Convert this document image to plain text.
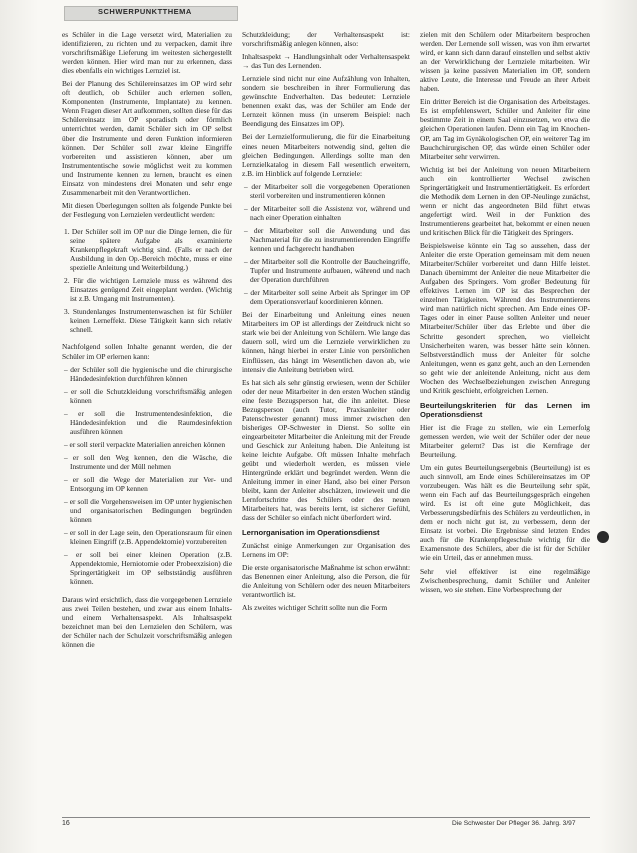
SCHWERPUNKTTHEMA

es Schüler in die Lage versetzt wird, Materialien zu identifizieren, zu richten und zu verpacken, damit ihre vorschriftsmäßige Lieferung im weitesten sichergestellt werden können. Hier wird man nur zu erkennen, dass dies ebenfalls ein wichtiges Lernziel ist.

Bei der Planung des Schülereinsatzes im OP wird sehr oft deutlich, ob Schüler auch erlernen sollen, Komponenten (Instrumente, Implantate) zu kennen. Wenn Fragen dieser Art aufkommen, sollten diese für das Schülereinsatz im OP sporadisch oder förmlich unterrichtet werden, damit Schüler sich im OP selbst über die Instrumente und deren Funktion informieren können. Der Schüler soll zwar kleine Eingriffe vorbereiten und assistieren können, aber um Instrumententische sowie möglichst weit zu kommen und Instrumente kennen zu lernen, braucht es einen Einsatz von mindestens drei Monaten und sehr enge Zusammenarbeit mit den Verantwortlichen.

Mit diesen Überlegungen sollten als folgende Punkte bei der Festlegung von Lernzielen verdeutlicht werden:

1. Der Schüler soll im OP nur die Dinge lernen, die für seine spätere Aufgabe als examinierte Krankenpflegekraft wichtig sind. (Falls er nach der Ausbildung in den Op.-Bereich möchte, muss er eine spezielle Anleitung und Weiterbildung.)

2. Für die wichtigen Lernziele muss es während des Einsatzes genügend Zeit eingeplant werden. (Wichtig ist z.B. Umgang mit Instrumenten).

3. Stundenlanges Instrumentenwaschen ist für Schüler keinen Lerneffekt. Diese Tätigkeit kann sich relativ schnell.

Nachfolgend sollen Inhalte genannt werden, die der Schüler im OP erlernen kann:

– der Schüler soll die hygienische und die chirurgische Händedesinfektion durchführen können

– er soll die Schutzkleidung vorschriftsmäßig anlegen können

– er soll die Instrumentendesinfektion, die Händedesinfektion und die Raumdesinfektion ausführen können

– er soll steril verpackte Materialien anreichen können

– er soll den Weg kennen, den die Wäsche, die Instrumente und der Müll nehmen

– er soll die Wege der Materialien zur Ver- und Entsorgung im OP kennen

– er soll die Vorgehensweisen im OP unter hygienischen und organisatorischen Bedingungen begründen können

– er soll in der Lage sein, den Operationsraum für einen kleinen Eingriff (z.B. Appendektomie) vorzubereiten

– er soll bei einer kleinen Operation (z.B. Appendektomie, Herniotomie oder Probeexzision) die Springertätigkeit im OP selbstständig ausführen können.

Daraus wird ersichtlich, dass die vorgegebenen Lernziele aus zwei Teilen bestehen, und zwar aus einem Inhalts- und einem Verhaltensaspekt. Als Inhaltsaspekt bezeichnet man bei den Lernzielen den Schülern, was der Schüler nach der Schulzeit vorschriftsmäßig anlegen können die

Schutzkleidung; der Verhaltensaspekt ist: vorschriftsmäßig anlegen können, also:

Inhaltsaspekt → Handlungsinhalt oder Verhaltensaspekt → das Tun des Lernenden.

Lernziele sind nicht nur eine Aufzählung von Inhalten, sondern sie beschreiben in ihrer Formulierung das gewünschte Endverhalten. Das bedeutet: Lernziele benennen exakt das, was der Schüler am Ende der Lernzeit können muss (in unserem Beispiel: nach Beendigung des Einsatzes im OP).

Bei der Lernzielformulierung, die für die Einarbeitung eines neuen Mitarbeiters notwendig sind, gelten die gleichen Bedingungen. Allerdings sollte man den Lernzielkatalog in diesem Fall wesentlich erweitern, z.B. im Hinblick auf folgende Lernziele:

– der Mitarbeiter soll die vorgegebenen Operationen steril vorbereiten und instrumentieren können

– der Mitarbeiter soll die Assistenz vor, während und nach einer Operation einhalten

– der Mitarbeiter soll die Anwendung und das Nachmaterial für die zu instrumentierenden Eingriffe kennen und fachgerecht handhaben

– der Mitarbeiter soll die Kontrolle der Baucheingriffe, Tupfer und Instrumente aufbauen, während und nach der Operation durchführen

– der Mitarbeiter soll seine Arbeit als Springer im OP dem Operationsverlauf koordinieren können.

Bei der Einarbeitung und Anleitung eines neuen Mitarbeiters im OP ist allerdings der Zeitdruck nicht so stark wie bei der Anleitung von Schülern. Wie lange das dauern soll, wird um die Lernziele verwirklichen zu können, hängt hierbei in erster Linie von persönlichen Einflüssen, das hängt im Wesentlichen davon ab, wie intensiv die Anleitung betrieben wird.

Es hat sich als sehr günstig erwiesen, wenn der Schüler oder der neue Mitarbeiter in den ersten Wochen ständig eine feste Bezugsperson hat, die ihn anleitet. Diese Bezugsperson (auch Tutor, Praxisanleiter oder Patenschwester genannt) muss immer zwischen den bisheriges OP-Schwester in Dienst. So sollte ein eingearbeiteter Mitarbeiter die Anleitung mit der Freude und Geschick zur Anleitung haben. Die Anleitung ist keine leichte Aufgabe. Oft müssen Inhalte mehrfach geübt und wiederholt werden, es müssen viele Hintergründe erklärt und begründet werden. Wenn die Anleitung immer in einer Hand, also bei einer Person bleibt, kann der Anleiter abschätzen, inwieweit und die Lernfortschritte des Schülers oder des neuen Mitarbeiters hat, was bereits lernt, ist sicherer Gefühl, dass der Schüler so einfach nicht überfordert wird.

Lernorganisation im Operationsdienst

Zunächst einige Anmerkungen zur Organisation des Lernens im OP:

Die erste organisatorische Maßnahme ist schon erwähnt: das Benennen einer Anleitung, also die Person, die für die Anleitung von Schülern oder des neuen Mitarbeiters verantwortlich ist.

Als zweites wichtiger Schritt sollte nun die Form

zielen mit den Schülern oder Mitarbeitern besprochen werden. Der Lernende soll wissen, was von ihm erwartet wird, er kann sich dann darauf einstellen und selbst aktiv an der Verwirklichung der Lernziele mitarbeiten. Wir wissen ja keine passiven Materialien im OP, sondern aktive Leute, die Interesse und Freude an ihrer Arbeit haben.

Ein dritter Bereich ist die Organisation des Arbeitstages. Es ist empfehlenswert, Schüler und Anleiter für eine bestimmte Zeit in einem Saal einzusetzen, wo etwa die gleichen Operationen laufen. Denn ein Tag im Knochen-OP, am Tag im Gynäkologischen OP, ein weiterer Tag im Bauchchirurgischen OP, das würde einen Schüler oder Mitarbeiter sehr verwirren.

Wichtig ist bei der Anleitung von neuen Mitarbeitern auch ein kontrollierter Wechsel zwischen Springertätigkeit und Instrumentiertätigkeit. Es erfordert die Methodik dem Lernen in den OP-Neulinge zunächst, wenn er nicht das angeordneten Bild führt etwas angefertigt wird. Weil in der Funktion des Instrumentierens gearbeitet hat, bekommt er einen neuen und kritischen Blick für die Tätigkeit des Springers.

Beispielsweise könnte ein Tag so aussehen, dass der Anleiter die erste Operation gemeinsam mit dem neuen Mitarbeiter/Schüler vorbereitet und dann Hilfe leistet. Danach übernimmt der Anleiter die neue Mitarbeiter die Aufgaben des Springers. Vom großer Bedeutung für effektives Lernen im OP ist das Besprechen der einzelnen Tätigkeiten. Während des Instrumentierens wird man natürlich nicht sprechen. Am Ende eines OP-Tages oder in einer Pause sollten Anleiter und neuer Mitarbeiter/Schüler über das Erlebte und über die Schritte gesondert sprechen, wo vielleicht Unsicherheiten waren, was besser hätte sein können. Selbstverständlich muss der Anleiter für solche Anleitungen, wenn es ganz geht, auch an den Lernenden so geht wie der anleitende Anleitung, nicht aus dem Wochen des Wechselbeziehungen zwischen Anregung und Kritik geschieht, erfolgreichen Lernen.

Beurteilungskriterien für das Lernen im Operationsdienst

Hier ist die Frage zu stellen, wie ein Lernerfolg gemessen werden, wie weit der Schüler oder der neue Mitarbeiter gelernt? Das ist die Kernfrage der Beurteilung.

Um ein gutes Beurteilungsergebnis (Beurteilung) ist es auch sinnvoll, am Ende eines Schülereinsatzes im OP vorzubeugen. Was hält es die Beurteilung sehr spät, wenn ein Fach auf das Beurteilungsgespräch eingehen wird. Es ist oft eine gute Möglichkeit, das Verbesserungsbedürfnis des Schülers zu verdeutlichen, in dem er noch nicht gut ist, zu verbessern, denn der Einsatz ist vorbei. Die Ergebnisse sind letzten Endes auch für die Krankenpflegeschule wichtig für die Examensnote des Schülers, aber die ist für der Schüler wie ein Urteil, das er annehmen muss.

Sehr viel effektiver ist eine regelmäßige Zwischenbesprechung, damit Schüler und Anleiter wissen, wo sie stehen. Eine Vorbesprechung der

16	Die Schwester Der Pfleger 36. Jahrg. 3/97
